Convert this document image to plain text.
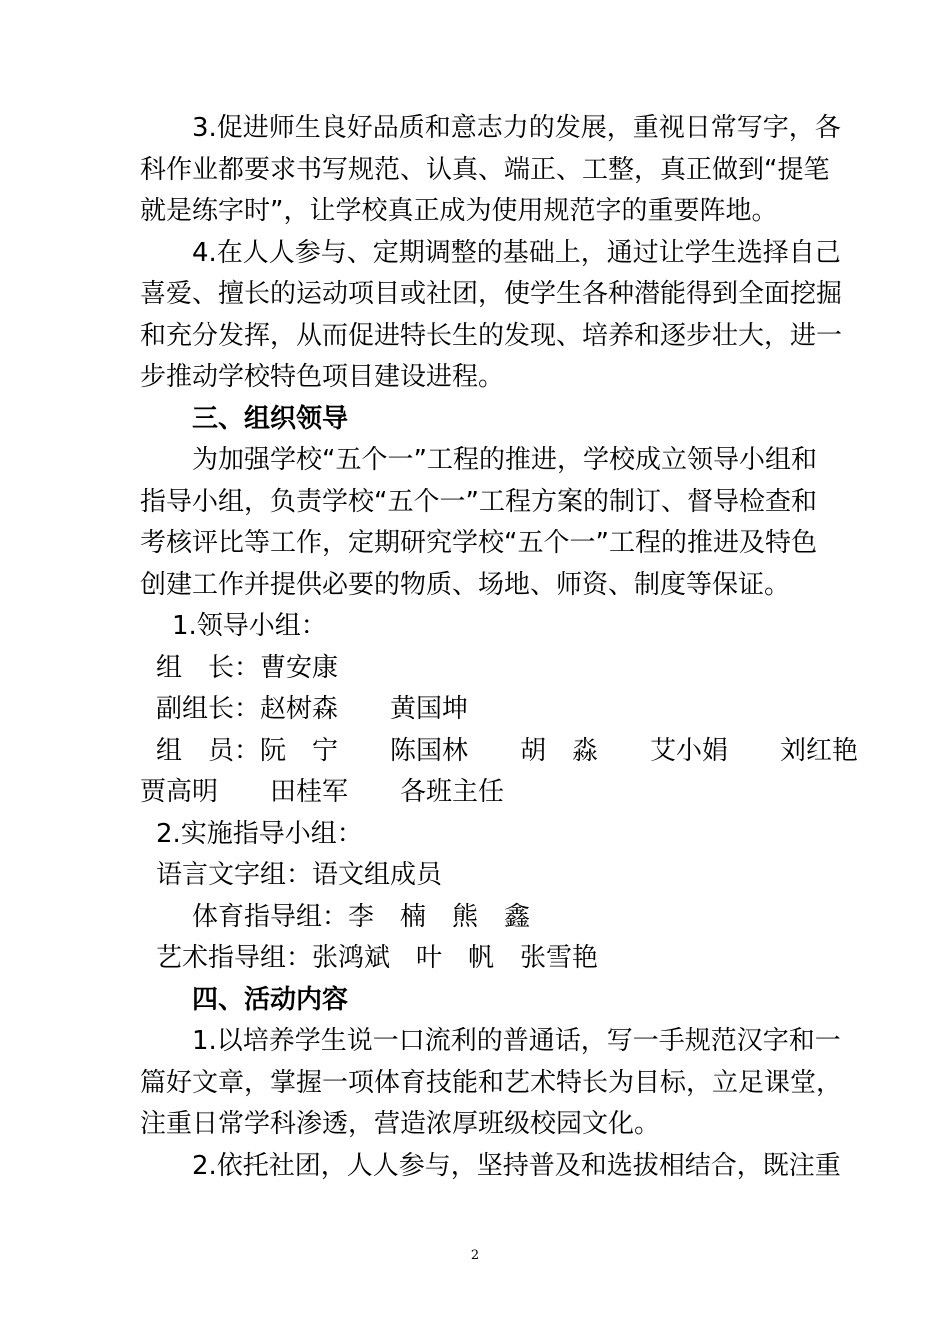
3.促进师生良好品质和意志力的发展，重视日常写字，各
科作业都要求书写规范、认真、端正、工整，真正做到“提笔
就是练字时”，让学校真正成为使用规范字的重要阵地。
4.在人人参与、定期调整的基础上，通过让学生选择自己
喜爱、擅长的运动项目或社团，使学生各种潜能得到全面挖掘
和充分发挥，从而促进特长生的发现、培养和逐步壮大，进一
步推动学校特色项目建设进程。
三、组织领导
为加强学校“五个一”工程的推进，学校成立领导小组和
指导小组，负责学校“五个一”工程方案的制订、督导检查和
考核评比等工作，定期研究学校“五个一”工程的推进及特色
创建工作并提供必要的物质、场地、师资、制度等保证。
1.领导小组：
组　长：曹安康
副组长：赵树森　　黄国坤
组　员：阮　宁　　陈国林　　胡　淼　　艾小娟　　刘红艳
贾高明　　田桂军　　各班主任
2.实施指导小组：
语言文字组：语文组成员
体育指导组：李　楠　熊　鑫
艺术指导组：张鸿斌　叶　帆　张雪艳
四、活动内容
1.以培养学生说一口流利的普通话，写一手规范汉字和一
篇好文章，掌握一项体育技能和艺术特长为目标，立足课堂，
注重日常学科渗透，营造浓厚班级校园文化。
2.依托社团，人人参与，坚持普及和选拔相结合，既注重
2
